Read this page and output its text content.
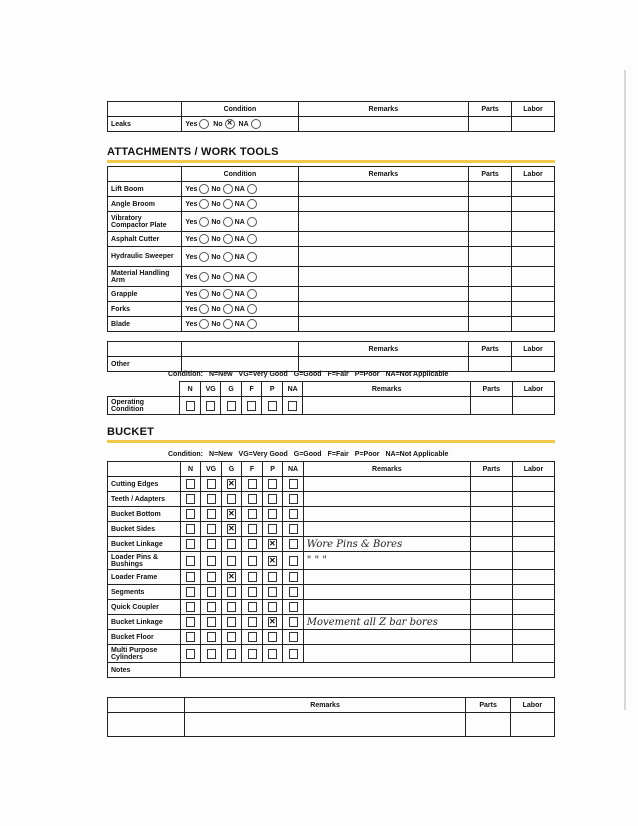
	Condition	Remarks	Parts	Labor
Leaks	Yes No ✕ NA			
ATTACHMENTS / WORK TOOLS
	Condition	Remarks	Parts	Labor
Lift Boom	Yes No NA			
Angle Broom	Yes No NA			
Vibratory Compactor Plate	Yes No NA			
Asphalt Cutter	Yes No NA			
Hydraulic Sweeper	Yes No NA			
Material Handling Arm	Yes No NA			
Grapple	Yes No NA			
Forks	Yes No NA			
Blade	Yes No NA			
		Remarks	Parts	Labor
Other				
Condition: N=New VG=Very Good G=Good F=Fair P=Poor NA=Not Applicable
	N	VG	G	F	P	NA	Remarks	Parts	Labor
Operating Condition									
BUCKET
Condition: N=New VG=Very Good G=Good F=Fair P=Poor NA=Not Applicable
	N	VG	G	F	P	NA	Remarks	Parts	Labor
Cutting Edges			✕						
Teeth / Adapters									
Bucket Bottom			✕						
Bucket Sides			✕						
Bucket Linkage					✕		Wore Pins & Bores		
Loader Pins & Bushings					✕		" " "		
Loader Frame			✕						
Segments									
Quick Coupler									
Bucket Linkage					✕		Movement all Z bar bores		
Bucket Floor									
Multi Purpose Cylinders									
Notes									
	Remarks	Parts	Labor
